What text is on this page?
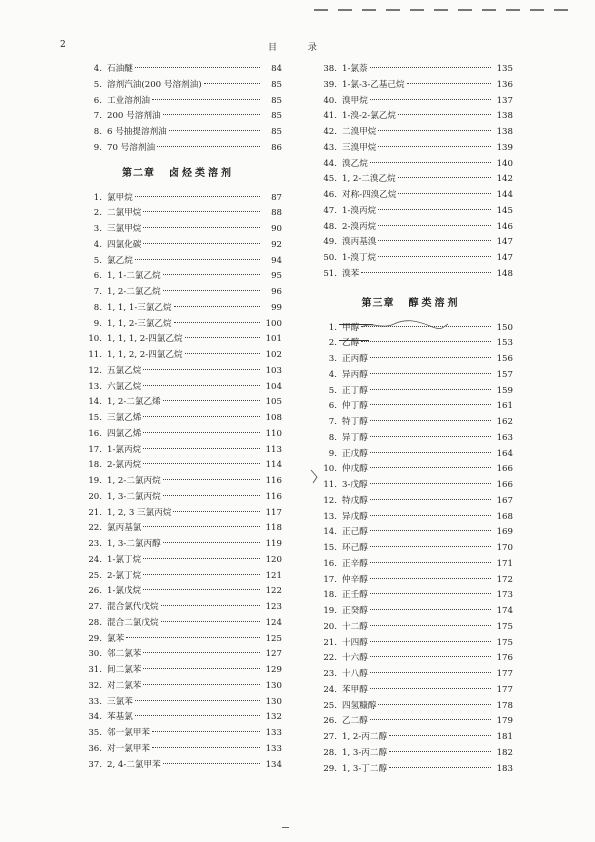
2	目 录
4. 石油醚	84
5. 溶剂汽油(200 号溶剂油)	85
6. 工业溶剂油	85
7. 200 号溶剂油	85
8. 6 号抽提溶剂油	85
9. 70 号溶剂油	86
第二章 卤烃类溶剂
1. 氯甲烷	87
2. 二氯甲烷	88
3. 三氯甲烷	90
4. 四氯化碳	92
5. 氯乙烷	94
6. 1, 1-二氯乙烷	95
7. 1, 2-二氯乙烷	96
8. 1, 1, 1-三氯乙烷	99
9. 1, 1, 2-三氯乙烷	100
10. 1, 1, 1, 2-四氯乙烷	101
11. 1, 1, 2, 2-四氯乙烷	102
12. 五氯乙烷	103
13. 六氯乙烷	104
14. 1, 2-二氯乙烯	105
15. 三氯乙烯	108
16. 四氯乙烯	110
17. 1-氯丙烷	113
18. 2-氯丙烷	114
19. 1, 2-二氯丙烷	116
20. 1, 3-二氯丙烷	116
21. 1, 2, 3 三氯丙烷	117
22. 氯丙基氯	118
23. 1, 3-二氯丙醇	119
24. 1-氯丁烷	120
25. 2-氯丁烷	121
26. 1-氯戊烷	122
27. 混合氯代戊烷	123
28. 混合二氯戊烷	124
29. 氯苯	125
30. 邻二氯苯	127
31. 间二氯苯	129
32. 对二氯苯	130
33. 三氯苯	130
34. 苯基氯	132
35. 邻一氯甲苯	133
36. 对一氯甲苯	133
37. 2, 4-二氯甲苯	134
38. 1-氯萘	135
39. 1-氯-3-乙基己烷	136
40. 溴甲烷	137
41. 1-溴-2-氯乙烷	138
42. 二溴甲烷	138
43. 三溴甲烷	139
44. 溴乙烷	140
45. 1, 2-二溴乙烷	142
46. 对称-四溴乙烷	144
47. 1-溴丙烷	145
48. 2-溴丙烷	146
49. 溴丙基溴	147
50. 1-溴丁烷	147
51. 溴苯	148
第三章 醇类溶剂
1. 甲醇	150
2. 乙醇	153
3. 正丙醇	156
4. 异丙醇	157
5. 正丁醇	159
6. 仲丁醇	161
7. 特丁醇	162
8. 异丁醇	163
9. 正戊醇	164
10. 仲戊醇	166
11. 3-戊醇	166
12. 特戊醇	167
13. 异戊醇	168
14. 正己醇	169
15. 环己醇	170
16. 正辛醇	171
17. 仲辛醇	172
18. 正壬醇	173
19. 正癸醇	174
20. 十二醇	175
21. 十四醇	175
22. 十六醇	176
23. 十八醇	177
24. 苯甲醇	177
25. 四氢糠醇	178
26. 乙二醇	179
27. 1, 2-丙二醇	181
28. 1, 3-丙二醇	182
29. 1, 3-丁二醇	183
